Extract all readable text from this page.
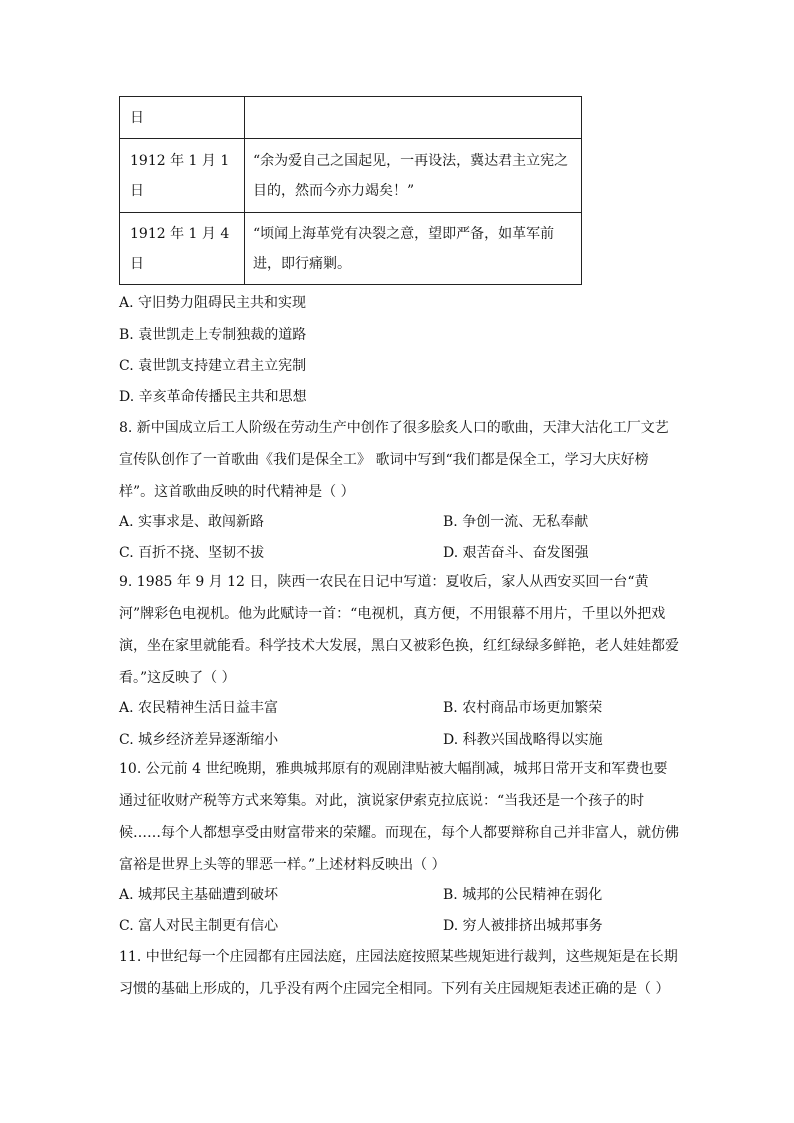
日	
1912 年 1 月 1 日	“余为爱自己之国起见，一再设法，冀达君主立宪之目的，然而今亦力竭矣！”
1912 年 1 月 4 日	“顷闻上海革党有决裂之意，望即严备，如革军前进，即行痛剿。
A. 守旧势力阻碍民主共和实现
B. 袁世凯走上专制独裁的道路
C. 袁世凯支持建立君主立宪制
D. 辛亥革命传播民主共和思想

8. 新中国成立后工人阶级在劳动生产中创作了很多脍炙人口的歌曲，天津大沽化工厂文艺宣传队创作了一首歌曲《我们是保全工》 歌词中写到“我们都是保全工，学习大庆好榜样”。这首歌曲反映的时代精神是（ ）

A. 实事求是、敢闯新路	B. 争创一流、无私奉献
C. 百折不挠、坚韧不拔	D. 艰苦奋斗、奋发图强

9. 1985 年 9 月 12 日，陕西一农民在日记中写道：夏收后，家人从西安买回一台“黄河”牌彩色电视机。他为此赋诗一首：“电视机，真方便，不用银幕不用片，千里以外把戏演，坐在家里就能看。科学技术大发展，黑白又被彩色换，红红绿绿多鲜艳，老人娃娃都爱看。”这反映了（ ）

A. 农民精神生活日益丰富	B. 农村商品市场更加繁荣
C. 城乡经济差异逐渐缩小	D. 科教兴国战略得以实施

10. 公元前 4 世纪晚期，雅典城邦原有的观剧津贴被大幅削减，城邦日常开支和军费也要通过征收财产税等方式来筹集。对此，演说家伊索克拉底说：“当我还是一个孩子的时候……每个人都想享受由财富带来的荣耀。而现在，每个人都要辩称自己并非富人，就仿佛富裕是世界上头等的罪恶一样。”上述材料反映出（ ）

A. 城邦民主基础遭到破坏	B. 城邦的公民精神在弱化
C. 富人对民主制更有信心	D. 穷人被排挤出城邦事务

11. 中世纪每一个庄园都有庄园法庭，庄园法庭按照某些规矩进行裁判，这些规矩是在长期习惯的基础上形成的，几乎没有两个庄园完全相同。下列有关庄园规矩表述正确的是（ ）
